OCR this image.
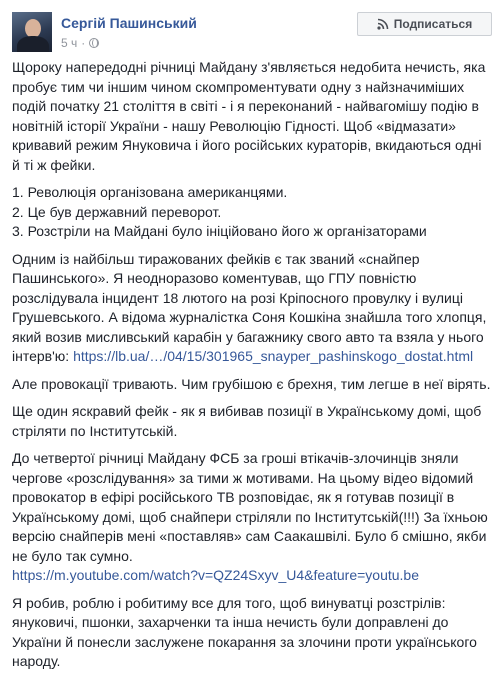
Сергій Пашинський
5 ч ·
Подписаться

Щороку напередодні річниці Майдану з'являється недобита нечисть, яка пробує тим чи іншим чином скомпроментувати одну з найзначиміших подій початку 21 століття в світі - і я переконаний - найвагомішу подію в новітній історії України - нашу Революцію Гідності. Щоб «відмазати» кривавий режим Януковича і його російських кураторів, вкидаються одні й ті ж фейки.

1. Революція організована американцями.
2. Це був державний переворот.
3. Розстріли на Майдані було ініційовано його ж організаторами

Одним із найбільш тиражованих фейків є так званий «снайпер Пашинського». Я неодноразово коментував, що ГПУ повністю розслідувала інцидент 18 лютого на розі Кріпосного провулку і вулиці Грушевського. А відома журналістка Соня Кошкіна знайшла того хлопця, який возив мисливський карабін у багажнику свого авто та взяла у нього інтерв'ю: https://lb.ua/…/04/15/301965_snayper_pashinskogo_dostat.html

Але провокації тривають. Чим грубішою є брехня, тим легше в неї вірять.

Ще один яскравий фейк - як я вибивав позиції в Українському домі, щоб стріляти по Інститутській.

До четвертої річниці Майдану ФСБ за гроші втікачів-злочинців зняли чергове «розслідування» за тими ж мотивами. На цьому відео відомий провокатор в ефірі російського ТВ розповідає, як я готував позиції в Українському домі, щоб снайпери стріляли по Інститутській(!!!) За їхньою версію снайперів мені «поставляв» сам Саакашвілі. Було б смішно, якби не було так сумно.
https://m.youtube.com/watch?v=QZ24Sxyv_U4&feature=youtu.be

Я робив, роблю і робитиму все для того, щоб винуватці розстрілів: януковичі, пшонки, захарченки та інша нечисть були доправлені до України й понесли заслужене покарання за злочини проти українського народу.
